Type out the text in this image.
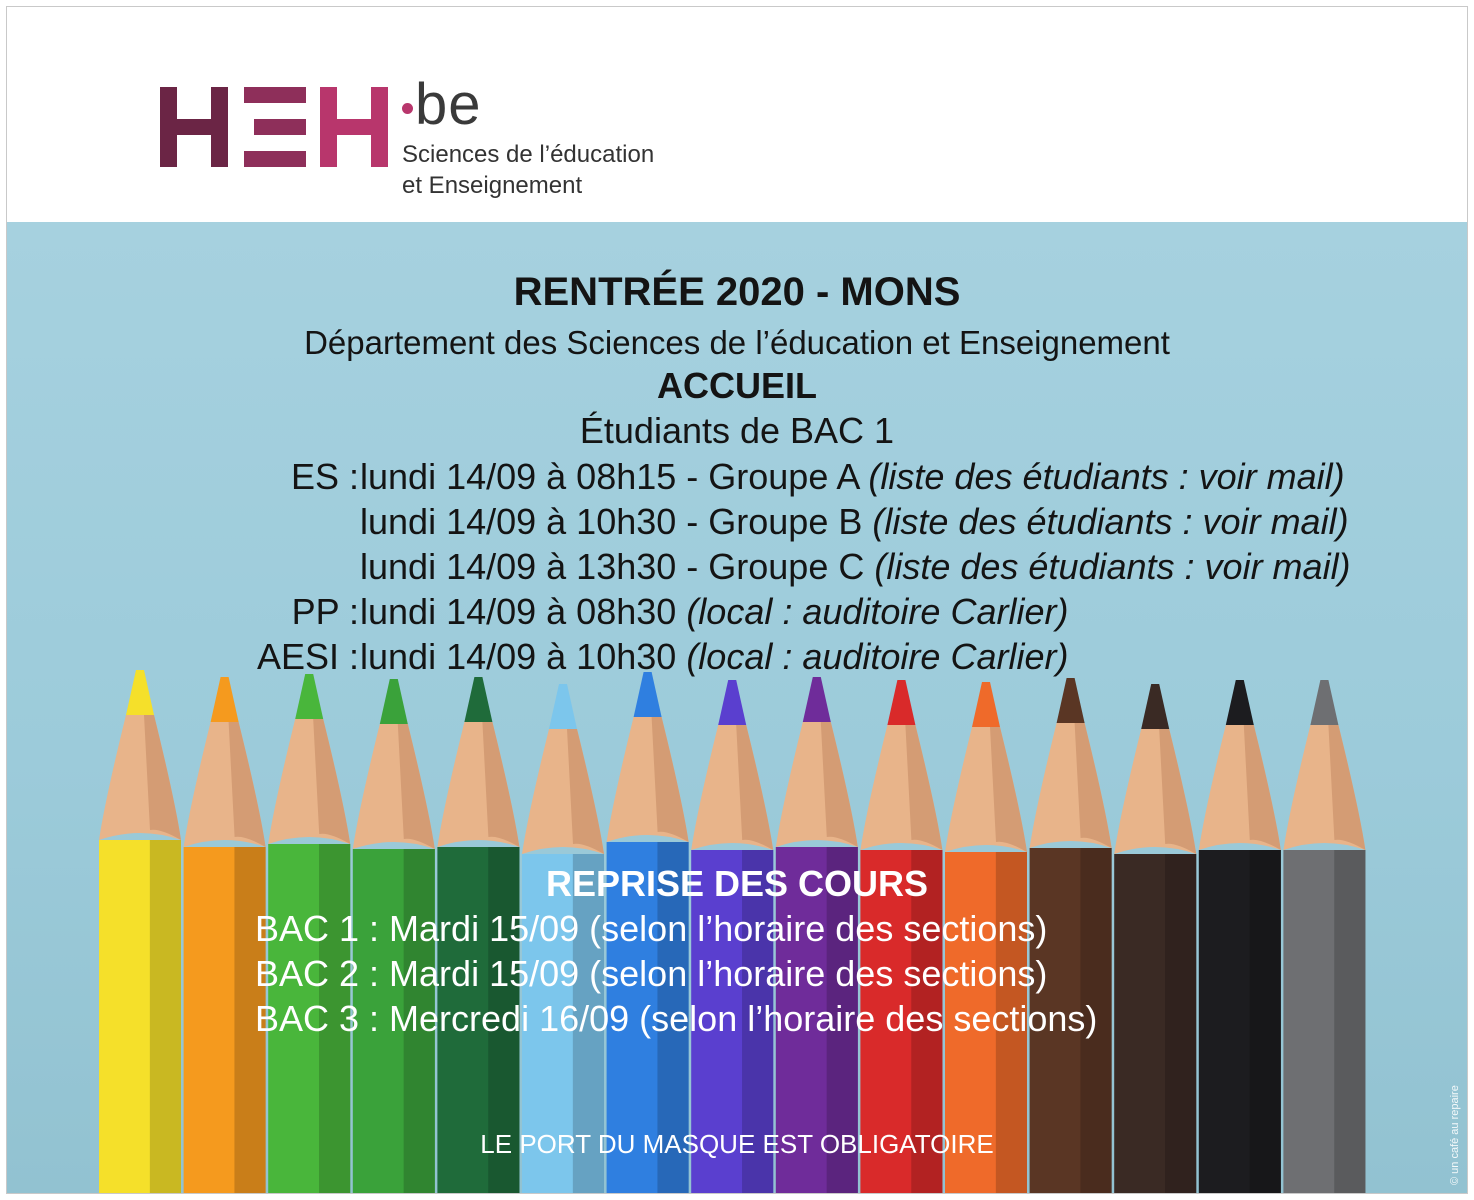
be
Sciences de l’éducation
et Enseignement
RENTRÉE 2020 - MONS
Département des Sciences de l’éducation et Enseignement
ACCUEIL
Étudiants de BAC 1
ES : lundi 14/09 à 08h15 - Groupe A (liste des étudiants : voir mail)
lundi 14/09 à 10h30 - Groupe B (liste des étudiants : voir mail)
lundi 14/09 à 13h30 - Groupe C (liste des étudiants : voir mail)
PP : lundi 14/09 à 08h30 (local : auditoire Carlier)
AESI : lundi 14/09 à 10h30 (local : auditoire Carlier)
REPRISE DES COURS
BAC 1 : Mardi 15/09 (selon l’horaire des sections)
BAC 2 : Mardi 15/09 (selon l’horaire des sections)
BAC 3 : Mercredi 16/09 (selon l’horaire des sections)
LE PORT DU MASQUE EST OBLIGATOIRE	© un café au repaire
